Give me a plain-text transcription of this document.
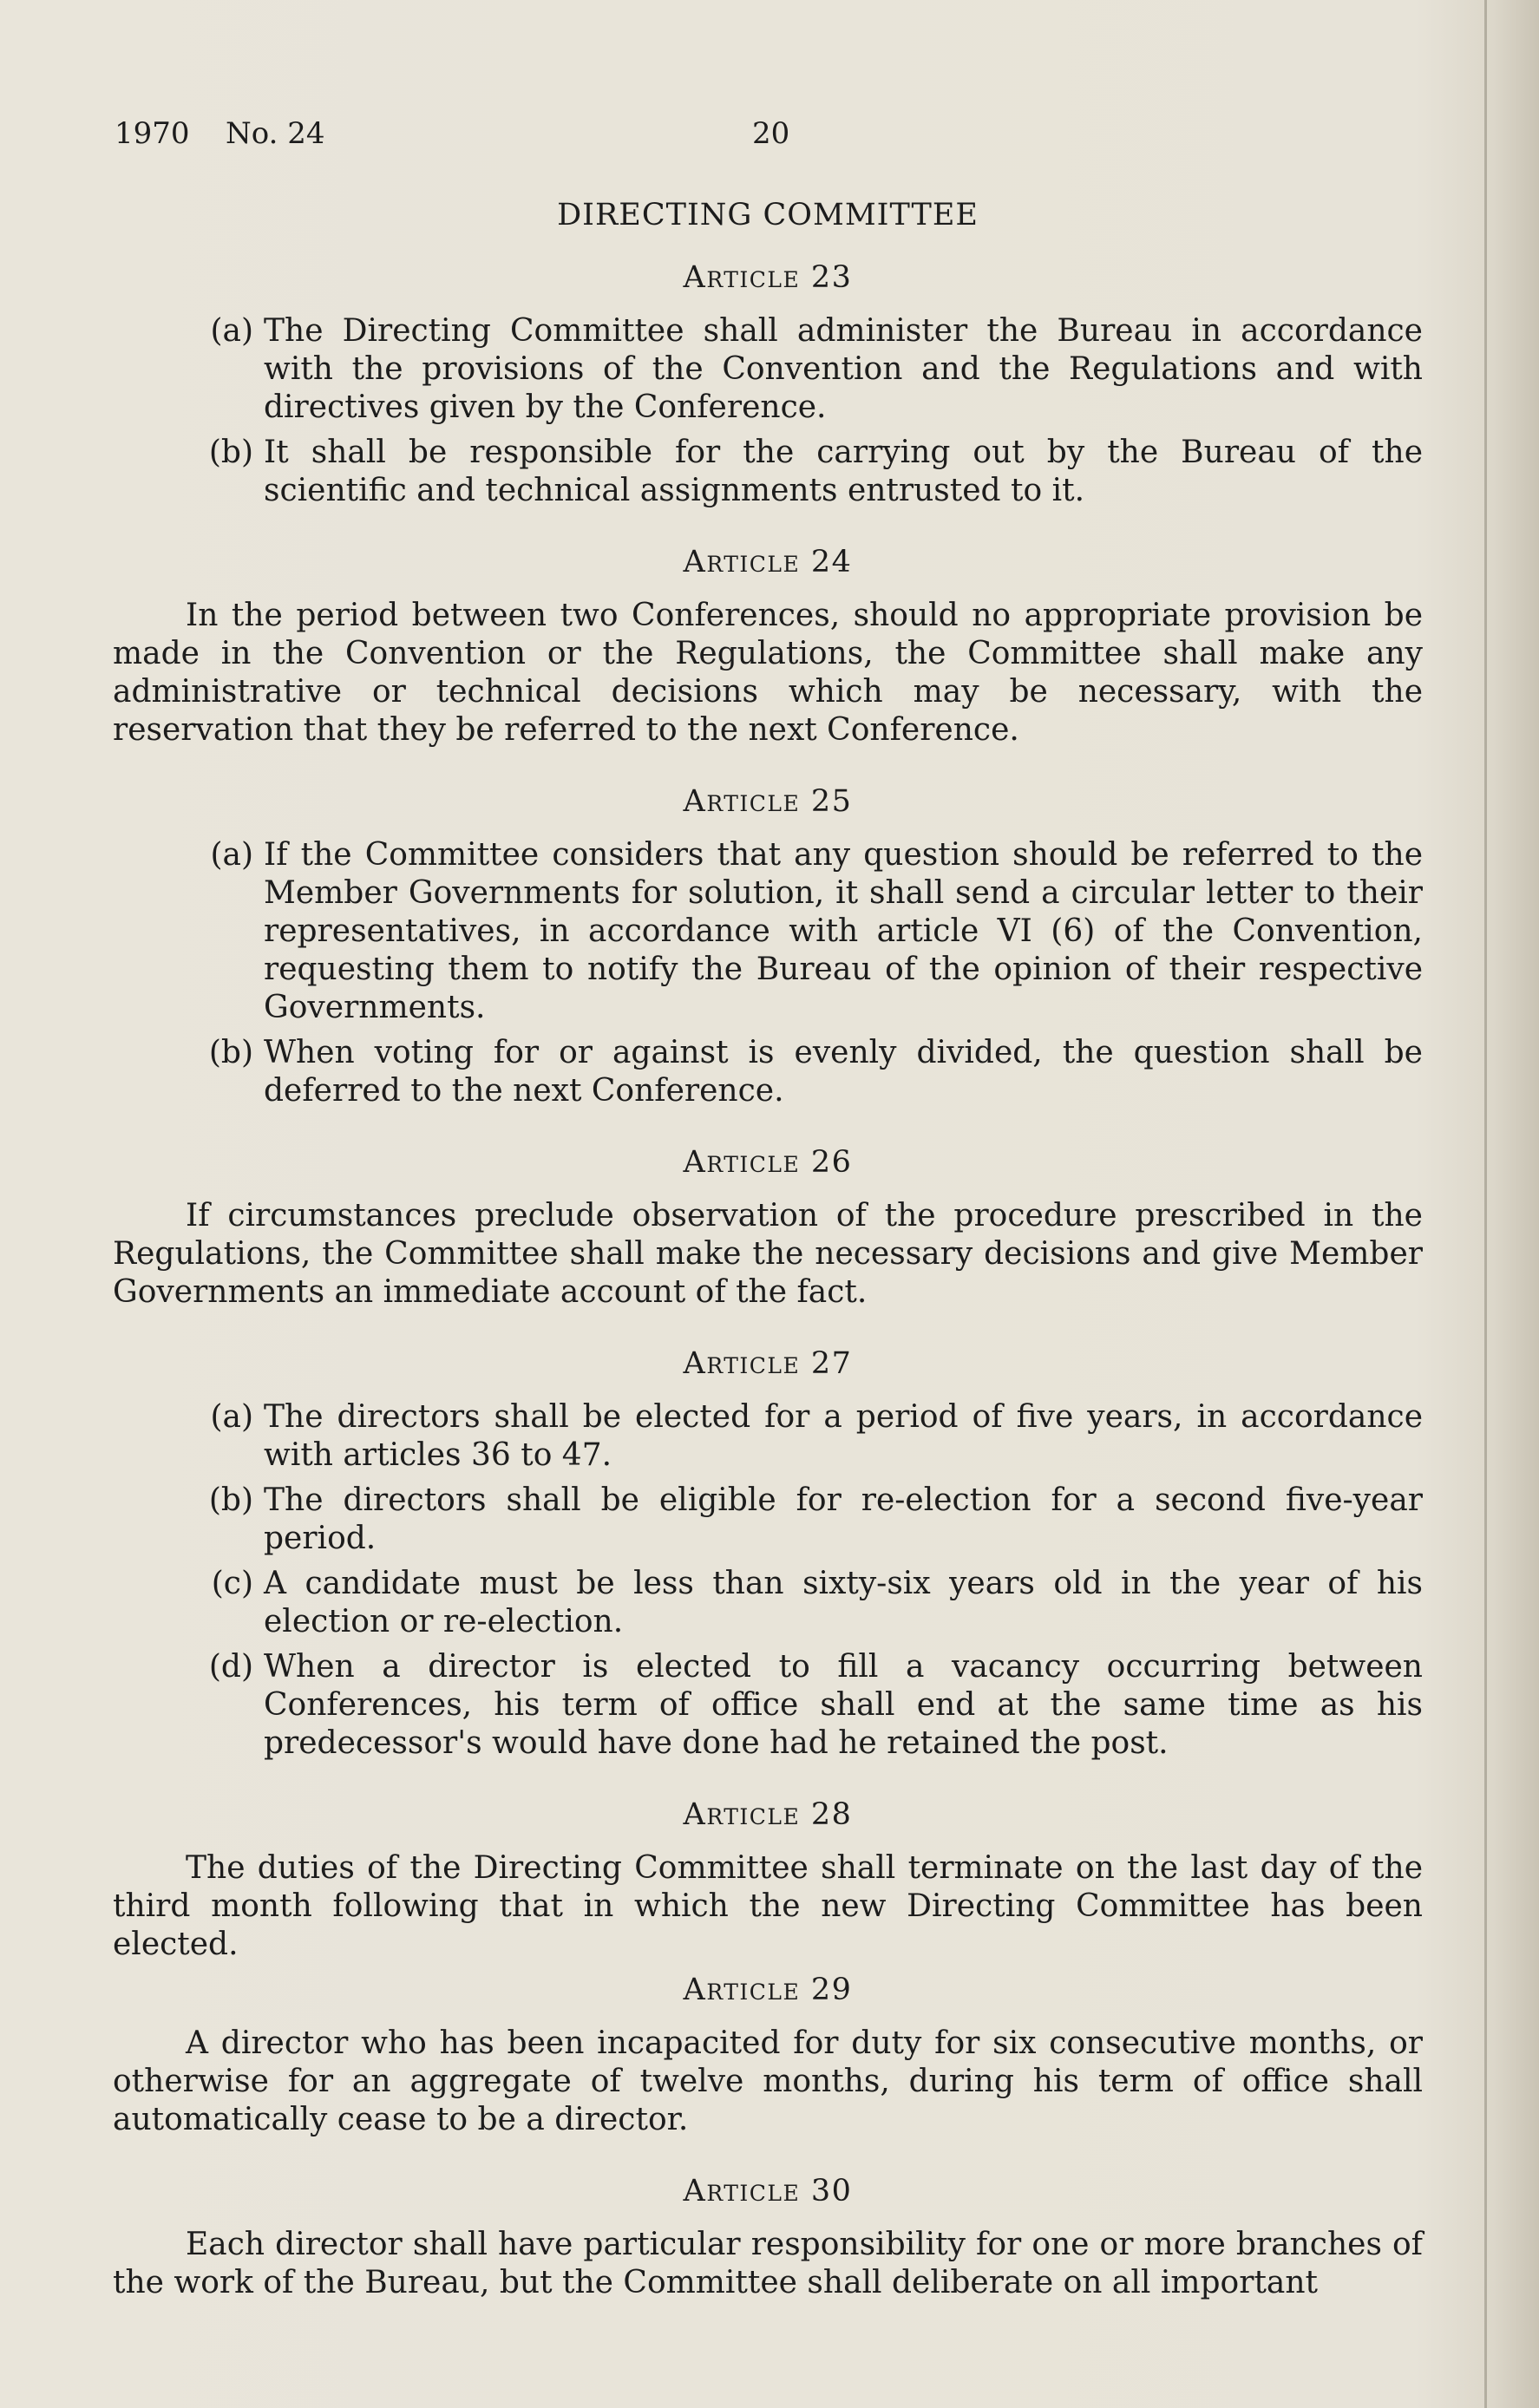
1970 No. 24	20
DIRECTING COMMITTEE
Article 23
(a) The Directing Committee shall administer the Bureau in accordance with the provisions of the Convention and the Regulations and with directives given by the Conference.
(b) It shall be responsible for the carrying out by the Bureau of the scientific and technical assignments entrusted to it.
Article 24

In the period between two Conferences, should no appropriate provision be made in the Convention or the Regulations, the Committee shall make any administrative or technical decisions which may be necessary, with the reservation that they be referred to the next Conference.

Article 25
(a) If the Committee considers that any question should be referred to the Member Governments for solution, it shall send a circular letter to their representatives, in accordance with article VI (6) of the Convention, requesting them to notify the Bureau of the opinion of their respective Governments.
(b) When voting for or against is evenly divided, the question shall be deferred to the next Conference.
Article 26

If circumstances preclude observation of the procedure prescribed in the Regulations, the Committee shall make the necessary decisions and give Member Governments an immediate account of the fact.

Article 27
(a) The directors shall be elected for a period of five years, in accordance with articles 36 to 47.
(b) The directors shall be eligible for re-election for a second five-year period.
(c) A candidate must be less than sixty-six years old in the year of his election or re-election.
(d) When a director is elected to fill a vacancy occurring between Conferences, his term of office shall end at the same time as his predecessor's would have done had he retained the post.
Article 28

The duties of the Directing Committee shall terminate on the last day of the third month following that in which the new Directing Committee has been elected.

Article 29

A director who has been incapacited for duty for six consecutive months, or otherwise for an aggregate of twelve months, during his term of office shall automatically cease to be a director.

Article 30

Each director shall have particular responsibility for one or more branches of the work of the Bureau, but the Committee shall deliberate on all important
